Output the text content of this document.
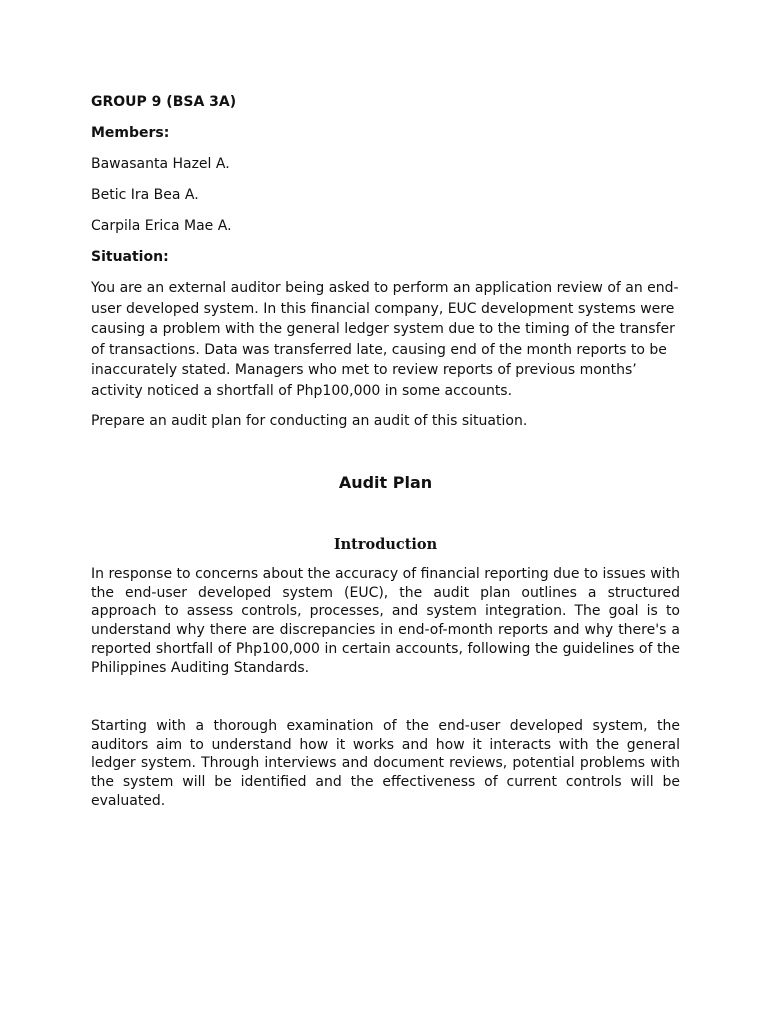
GROUP 9 (BSA 3A)

Members:

Bawasanta Hazel A.

Betic Ira Bea A.

Carpila Erica Mae A.

Situation:

You are an external auditor being asked to perform an application review of an end-user developed system. In this financial company, EUC development systems were causing a problem with the general ledger system due to the timing of the transfer of transactions. Data was transferred late, causing end of the month reports to be inaccurately stated. Managers who met to review reports of previous months’ activity noticed a shortfall of Php100,000 in some accounts.

Prepare an audit plan for conducting an audit of this situation.

Audit Plan
Introduction

In response to concerns about the accuracy of financial reporting due to issues with the end-user developed system (EUC), the audit plan outlines a structured approach to assess controls, processes, and system integration. The goal is to understand why there are discrepancies in end-of-month reports and why there's a reported shortfall of Php100,000 in certain accounts, following the guidelines of the Philippines Auditing Standards.

Starting with a thorough examination of the end-user developed system, the auditors aim to understand how it works and how it interacts with the general ledger system. Through interviews and document reviews, potential problems with the system will be identified and the effectiveness of current controls will be evaluated.
